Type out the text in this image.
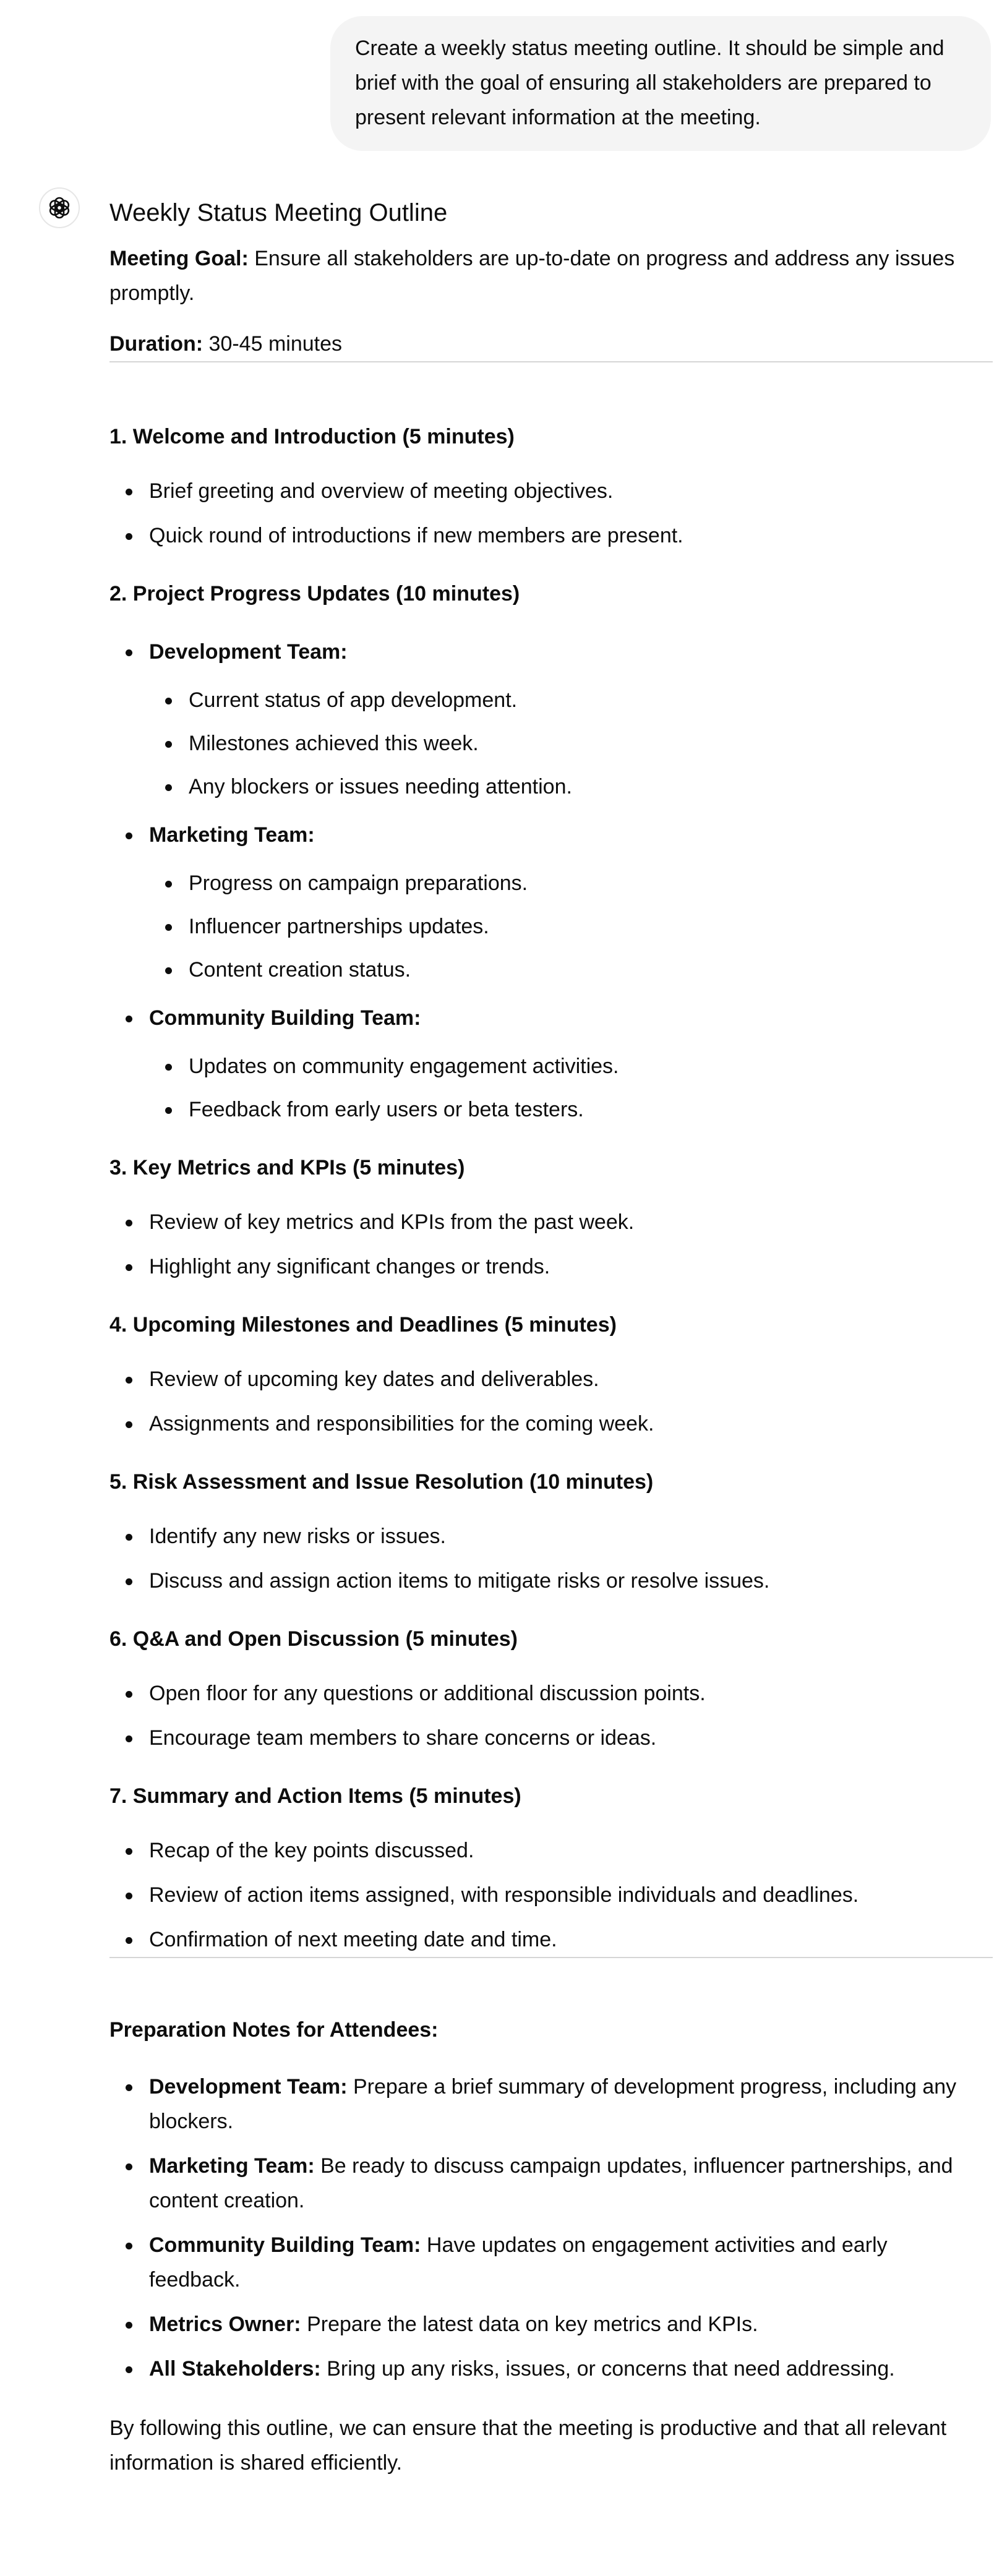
Create a weekly status meeting outline. It should be simple and brief with the goal of ensuring all stakeholders are prepared to present relevant information at the meeting.
Weekly Status Meeting Outline

Meeting Goal: Ensure all stakeholders are up-to-date on progress and address any issues promptly.

Duration: 30-45 minutes

1. Welcome and Introduction (5 minutes)
Brief greeting and overview of meeting objectives.
Quick round of introductions if new members are present.
2. Project Progress Updates (10 minutes)
Development Team:
Current status of app development.
Milestones achieved this week.
Any blockers or issues needing attention.
Marketing Team:
Progress on campaign preparations.
Influencer partnerships updates.
Content creation status.
Community Building Team:
Updates on community engagement activities.
Feedback from early users or beta testers.
3. Key Metrics and KPIs (5 minutes)
Review of key metrics and KPIs from the past week.
Highlight any significant changes or trends.
4. Upcoming Milestones and Deadlines (5 minutes)
Review of upcoming key dates and deliverables.
Assignments and responsibilities for the coming week.
5. Risk Assessment and Issue Resolution (10 minutes)
Identify any new risks or issues.
Discuss and assign action items to mitigate risks or resolve issues.
6. Q&A and Open Discussion (5 minutes)
Open floor for any questions or additional discussion points.
Encourage team members to share concerns or ideas.
7. Summary and Action Items (5 minutes)
Recap of the key points discussed.
Review of action items assigned, with responsible individuals and deadlines.
Confirmation of next meeting date and time.
Preparation Notes for Attendees:
Development Team: Prepare a brief summary of development progress, including any blockers.
Marketing Team: Be ready to discuss campaign updates, influencer partnerships, and content creation.
Community Building Team: Have updates on engagement activities and early feedback.
Metrics Owner: Prepare the latest data on key metrics and KPIs.
All Stakeholders: Bring up any risks, issues, or concerns that need addressing.

By following this outline, we can ensure that the meeting is productive and that all relevant information is shared efficiently.
